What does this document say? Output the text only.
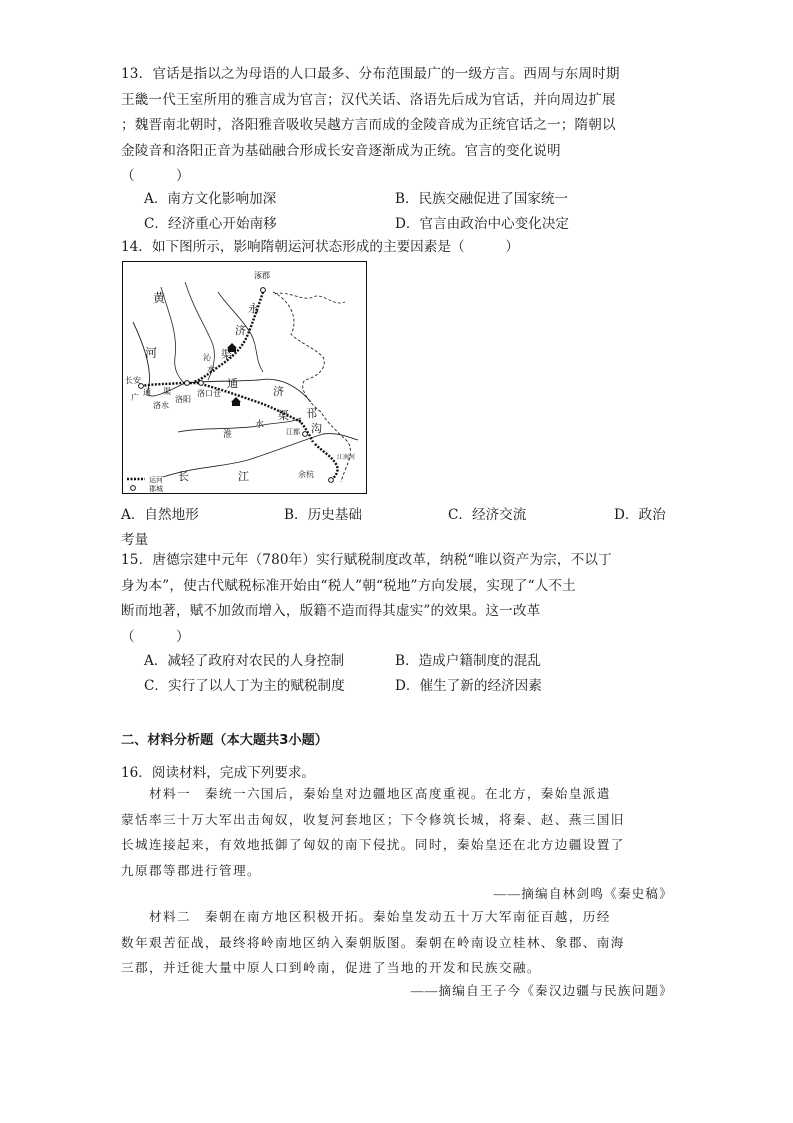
13．官话是指以之为母语的人口最多、分布范围最广的一级方言。西周与东周时期
王畿一代王室所用的雅言成为官言；汉代关话、洛语先后成为官话，并向周边扩展
；魏晋南北朝时，洛阳雅音吸收吴越方言而成的金陵音成为正统官话之一；隋朝以
金陵音和洛阳正音为基础融合形成长安音逐渐成为正统。官言的变化说明
（　　　）
A．南方文化影响加深	B．民族交融促进了国家统一
C．经济重心开始南移	D．官言由政治中心变化决定
14．如下图所示，影响隋朝运河状态形成的主要因素是（　　　）
涿郡
黄
河
永
济
渠
沁
水
长安
广
通 渠
洛水
洛阳
洛口仓
通
济
渠
淮
水
邗
沟
江都
长	江	余杭
江南河
运河
郡城
A．自然地形	B．历史基础	C．经济交流	D．政治
考量
15．唐德宗建中元年（780年）实行赋税制度改革，纳税“唯以资产为宗，不以丁
身为本”，使古代赋税标准开始由“税人”朝“税地”方向发展，实现了“人不土
断而地著，赋不加敛而增入，版籍不造而得其虚实”的效果。这一改革
（　　　）
A．减轻了政府对农民的人身控制	B．造成户籍制度的混乱
C．实行了以人丁为主的赋税制度	D．催生了新的经济因素
二、材料分析题（本大题共3小题）
16．阅读材料，完成下列要求。
　　材料一　秦统一六国后，秦始皇对边疆地区高度重视。在北方，秦始皇派遣
蒙恬率三十万大军出击匈奴，收复河套地区；下令修筑长城，将秦、赵、燕三国旧
长城连接起来，有效地抵御了匈奴的南下侵扰。同时，秦始皇还在北方边疆设置了
九原郡等郡进行管理。
——摘编自林剑鸣《秦史稿》
　　材料二　秦朝在南方地区积极开拓。秦始皇发动五十万大军南征百越，历经
数年艰苦征战，最终将岭南地区纳入秦朝版图。秦朝在岭南设立桂林、象郡、南海
三郡，并迁徙大量中原人口到岭南，促进了当地的开发和民族交融。
——摘编自王子今《秦汉边疆与民族问题》
